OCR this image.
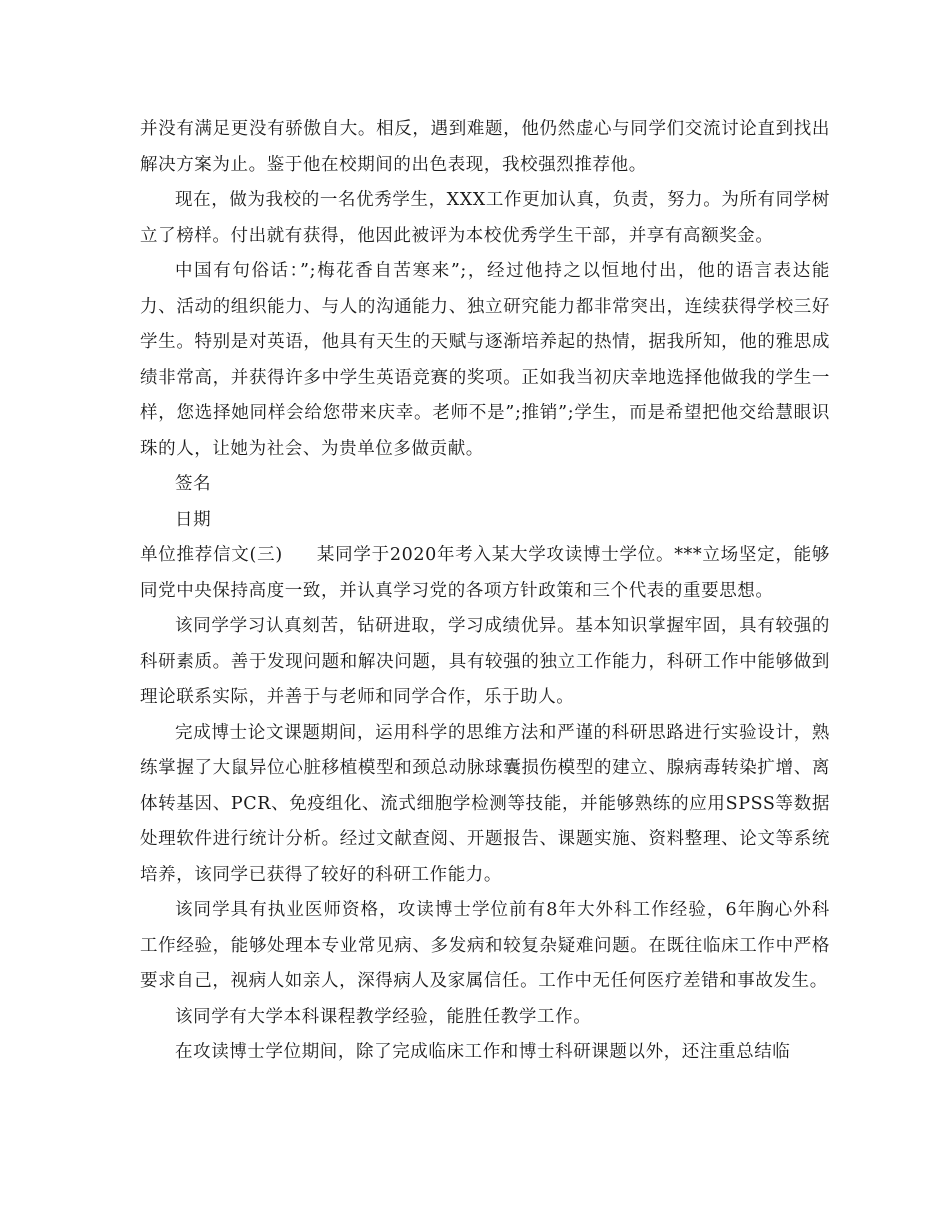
并没有满足更没有骄傲自大。相反，遇到难题，他仍然虚心与同学们交流讨论直到找出解决方案为止。鉴于他在校期间的出色表现，我校强烈推荐他。

现在，做为我校的一名优秀学生，XXX工作更加认真，负责，努力。为所有同学树立了榜样。付出就有获得，他因此被评为本校优秀学生干部，并享有高额奖金。

中国有句俗话：”;梅花香自苦寒来”;，经过他持之以恒地付出，他的语言表达能力、活动的组织能力、与人的沟通能力、独立研究能力都非常突出，连续获得学校三好学生。特别是对英语，他具有天生的天赋与逐渐培养起的热情，据我所知，他的雅思成绩非常高，并获得许多中学生英语竞赛的奖项。正如我当初庆幸地选择他做我的学生一样，您选择她同样会给您带来庆幸。老师不是”;推销”;学生，而是希望把他交给慧眼识珠的人，让她为社会、为贵单位多做贡献。

签名

日期

单位推荐信文(三) 某同学于2020年考入某大学攻读博士学位。***立场坚定，能够同党中央保持高度一致，并认真学习党的各项方针政策和三个代表的重要思想。

该同学学习认真刻苦，钻研进取，学习成绩优异。基本知识掌握牢固，具有较强的科研素质。善于发现问题和解决问题，具有较强的独立工作能力，科研工作中能够做到理论联系实际，并善于与老师和同学合作，乐于助人。

完成博士论文课题期间，运用科学的思维方法和严谨的科研思路进行实验设计，熟练掌握了大鼠异位心脏移植模型和颈总动脉球囊损伤模型的建立、腺病毒转染扩增、离体转基因、PCR、免疫组化、流式细胞学检测等技能，并能够熟练的应用SPSS等数据处理软件进行统计分析。经过文献查阅、开题报告、课题实施、资料整理、论文等系统培养，该同学已获得了较好的科研工作能力。

该同学具有执业医师资格，攻读博士学位前有8年大外科工作经验，6年胸心外科工作经验，能够处理本专业常见病、多发病和较复杂疑难问题。在既往临床工作中严格要求自己，视病人如亲人，深得病人及家属信任。工作中无任何医疗差错和事故发生。

该同学有大学本科课程教学经验，能胜任教学工作。

在攻读博士学位期间，除了完成临床工作和博士科研课题以外，还注重总结临
